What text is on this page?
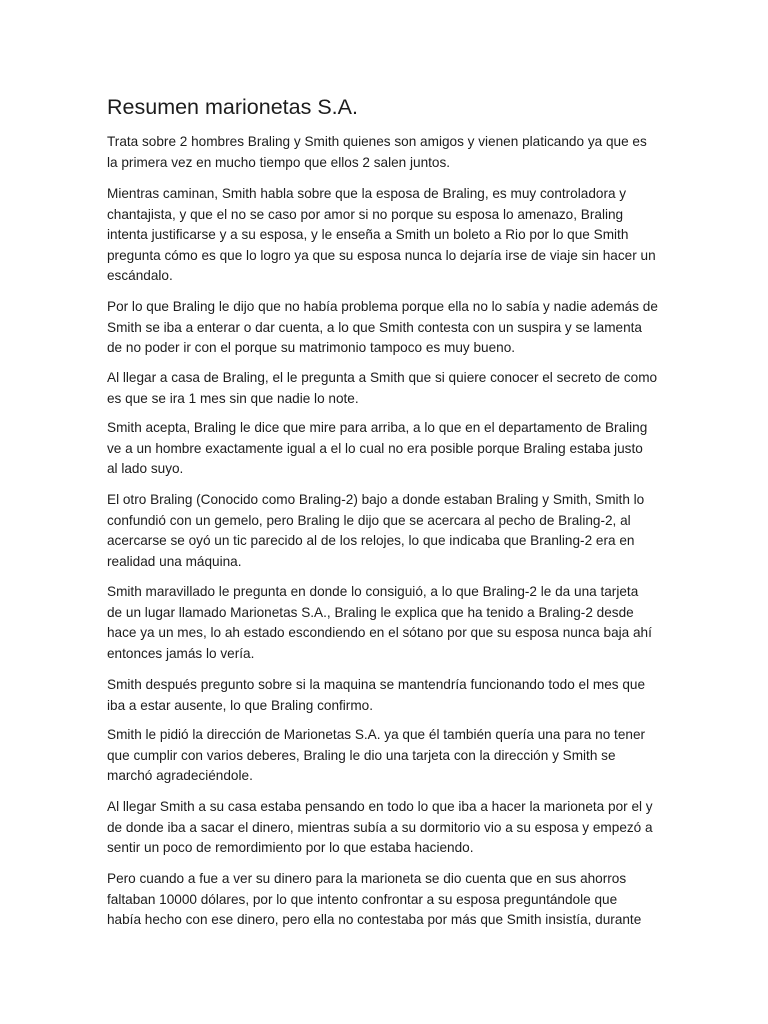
Resumen marionetas S.A.

Trata sobre 2 hombres Braling y Smith quienes son amigos y vienen platicando ya que es
la primera vez en mucho tiempo que ellos 2 salen juntos.

Mientras caminan, Smith habla sobre que la esposa de Braling, es muy controladora y
chantajista, y que el no se caso por amor si no porque su esposa lo amenazo, Braling
intenta justificarse y a su esposa, y le enseña a Smith un boleto a Rio por lo que Smith
pregunta cómo es que lo logro ya que su esposa nunca lo dejaría irse de viaje sin hacer un
escándalo.

Por lo que Braling le dijo que no había problema porque ella no lo sabía y nadie además de
Smith se iba a enterar o dar cuenta, a lo que Smith contesta con un suspira y se lamenta
de no poder ir con el porque su matrimonio tampoco es muy bueno.

Al llegar a casa de Braling, el le pregunta a Smith que si quiere conocer el secreto de como
es que se ira 1 mes sin que nadie lo note.

Smith acepta, Braling le dice que mire para arriba, a lo que en el departamento de Braling
ve a un hombre exactamente igual a el lo cual no era posible porque Braling estaba justo
al lado suyo.

El otro Braling (Conocido como Braling-2) bajo a donde estaban Braling y Smith, Smith lo
confundió con un gemelo, pero Braling le dijo que se acercara al pecho de Braling-2, al
acercarse se oyó un tic parecido al de los relojes, lo que indicaba que Branling-2 era en
realidad una máquina.

Smith maravillado le pregunta en donde lo consiguió, a lo que Braling-2 le da una tarjeta
de un lugar llamado Marionetas S.A., Braling le explica que ha tenido a Braling-2 desde
hace ya un mes, lo ah estado escondiendo en el sótano por que su esposa nunca baja ahí
entonces jamás lo vería.

Smith después pregunto sobre si la maquina se mantendría funcionando todo el mes que
iba a estar ausente, lo que Braling confirmo.

Smith le pidió la dirección de Marionetas S.A. ya que él también quería una para no tener
que cumplir con varios deberes, Braling le dio una tarjeta con la dirección y Smith se
marchó agradeciéndole.

Al llegar Smith a su casa estaba pensando en todo lo que iba a hacer la marioneta por el y
de donde iba a sacar el dinero, mientras subía a su dormitorio vio a su esposa y empezó a
sentir un poco de remordimiento por lo que estaba haciendo.

Pero cuando a fue a ver su dinero para la marioneta se dio cuenta que en sus ahorros
faltaban 10000 dólares, por lo que intento confrontar a su esposa preguntándole que
había hecho con ese dinero, pero ella no contestaba por más que Smith insistía, durante
